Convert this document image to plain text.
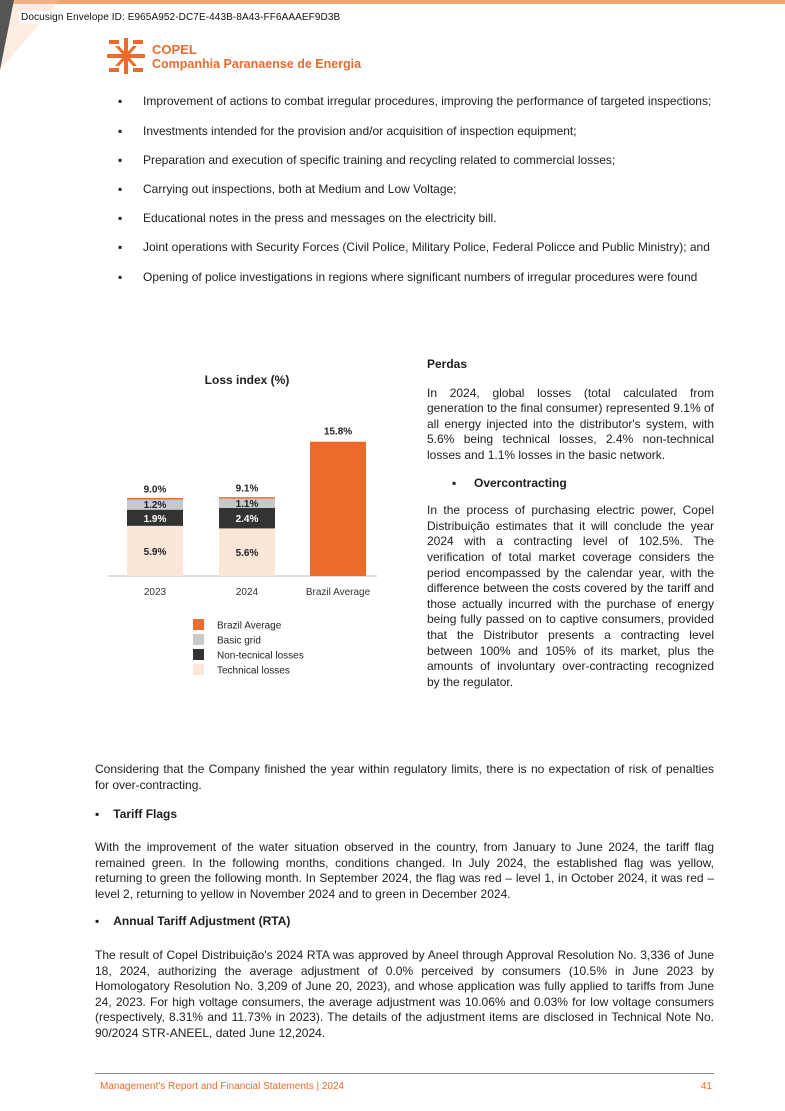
Docusign Envelope ID: E965A952-DC7E-443B-8A43-FF6AAAEF9D3B
COPEL
Companhia Paranaense de Energia
▪ Improvement of actions to combat irregular procedures, improving the performance of targeted inspections;
▪ Investments intended for the provision and/or acquisition of inspection equipment;
▪ Preparation and execution of specific training and recycling related to commercial losses;
▪ Carrying out inspections, both at Medium and Low Voltage;
▪ Educational notes in the press and messages on the electricity bill.
▪ Joint operations with Security Forces (Civil Police, Military Police, Federal Policce and Public Ministry); and
▪ Opening of police investigations in regions where significant numbers of irregular procedures were found
Loss index (%)
5.9%
1.9%
1.2%
9.0%
2023
5.6%
2.4%
1.1%
9.1%
2024
15.8%
Brazil Average
Brazil Average
Basic grid
Non-tecnical losses
Technical losses

Perdas

In 2024, global losses (total calculated from generation to the final consumer) represented 9.1% of all energy injected into the distributor's system, with 5.6% being technical losses, 2.4% non-technical losses and 1.1% losses in the basic network.

▪ Overcontracting

In the process of purchasing electric power, Copel Distribuição estimates that it will conclude the year 2024 with a contracting level of 102.5%. The verification of total market coverage considers the period encompassed by the calendar year, with the difference between the costs covered by the tariff and those actually incurred with the purchase of energy being fully passed on to captive consumers, provided that the Distributor presents a contracting level between 100% and 105% of its market, plus the amounts of involuntary over-contracting recognized by the regulator.

Considering that the Company finished the year within regulatory limits, there is no expectation of risk of penalties for over-contracting.

▪ Tariff Flags

With the improvement of the water situation observed in the country, from January to June 2024, the tariff flag remained green. In the following months, conditions changed. In July 2024, the established flag was yellow, returning to green the following month. In September 2024, the flag was red – level 1, in October 2024, it was red – level 2, returning to yellow in November 2024 and to green in December 2024.

▪ Annual Tariff Adjustment (RTA)

The result of Copel Distribuição's 2024 RTA was approved by Aneel through Approval Resolution No. 3,336 of June 18, 2024, authorizing the average adjustment of 0.0% perceived by consumers (10.5% in June 2023 by Homologatory Resolution No. 3,209 of June 20, 2023), and whose application was fully applied to tariffs from June 24, 2023. For high voltage consumers, the average adjustment was 10.06% and 0.03% for low voltage consumers (respectively, 8.31% and 11.73% in 2023). The details of the adjustment items are disclosed in Technical Note No. 90/2024 STR-ANEEL, dated June 12,2024.

Management's Report and Financial Statements | 2024	41
